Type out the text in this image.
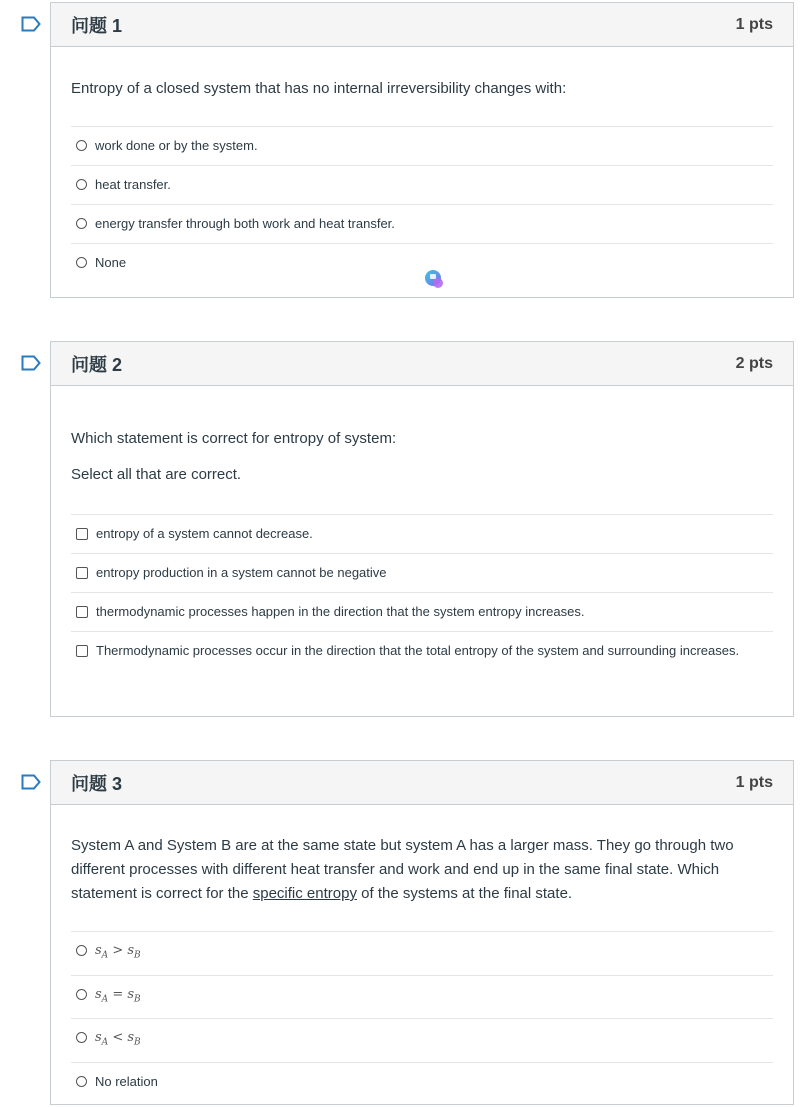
问题 1	1 pts

Entropy of a closed system that has no internal irreversibility changes with:

work done or by the system.
heat transfer.
energy transfer through both work and heat transfer.
None
问题 2	2 pts

Which statement is correct for entropy of system:

Select all that are correct.

entropy of a system cannot decrease.
entropy production in a system cannot be negative
thermodynamic processes happen in the direction that the system entropy increases.
Thermodynamic processes occur in the direction that the total entropy of the system and surrounding increases.
问题 3	1 pts

System A and System B are at the same state but system A has a larger mass. They go through two different processes with different heat transfer and work and end up in the same final state. Which statement is correct for the specific entropy of the systems at the final state.

$s_A > s_B$
$s_A = s_B$
$s_A < s_B$
No relation
